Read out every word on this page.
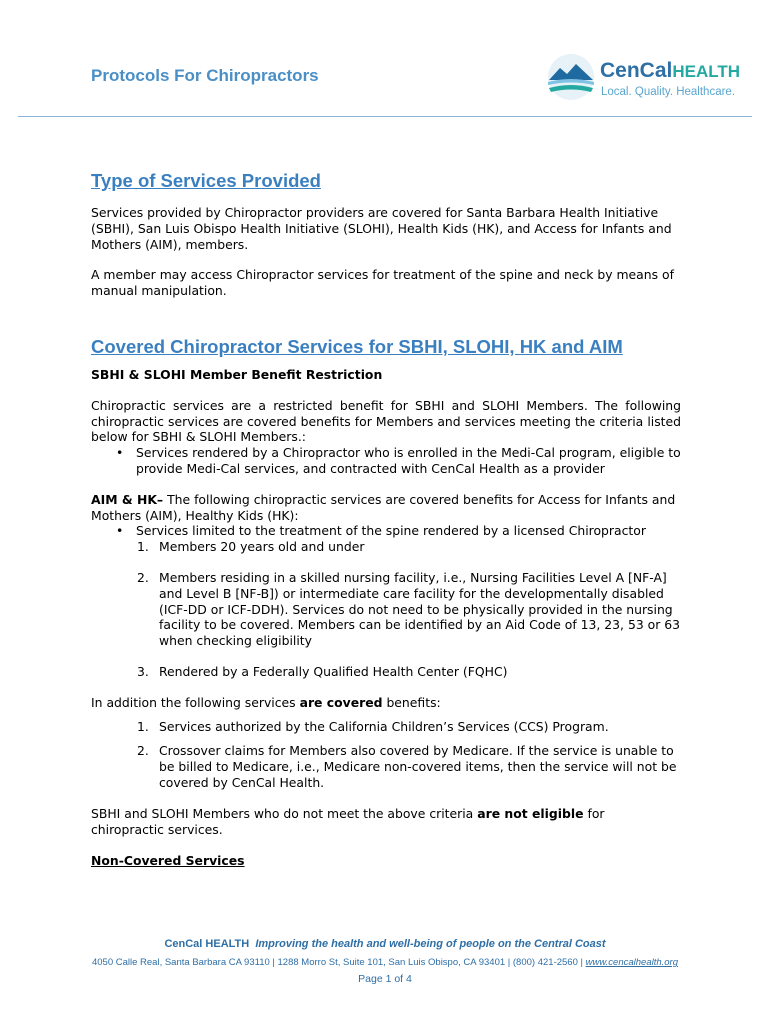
Protocols For Chiropractors	CenCalHEALTH
Local. Quality. Healthcare.
Type of Services Provided

Services provided by Chiropractor providers are covered for Santa Barbara Health Initiative (SBHI), San Luis Obispo Health Initiative (SLOHI), Health Kids (HK), and Access for Infants and Mothers (AIM), members.

A member may access Chiropractor services for treatment of the spine and neck by means of manual manipulation.

Covered Chiropractor Services for SBHI, SLOHI, HK and AIM

SBHI & SLOHI Member Benefit Restriction

Chiropractic services are a restricted benefit for SBHI and SLOHI Members. The following chiropractic services are covered benefits for Members and services meeting the criteria listed below for SBHI & SLOHI Members.:

• Services rendered by a Chiropractor who is enrolled in the Medi-Cal program, eligible to provide Medi-Cal services, and contracted with CenCal Health as a provider

AIM & HK– The following chiropractic services are covered benefits for Access for Infants and Mothers (AIM), Healthy Kids (HK):

• Services limited to the treatment of the spine rendered by a licensed Chiropractor
1. Members 20 years old and under
2. Members residing in a skilled nursing facility, i.e., Nursing Facilities Level A [NF-A] and Level B [NF-B]) or intermediate care facility for the developmentally disabled (ICF-DD or ICF-DDH). Services do not need to be physically provided in the nursing facility to be covered. Members can be identified by an Aid Code of 13, 23, 53 or 63 when checking eligibility
3. Rendered by a Federally Qualified Health Center (FQHC)

In addition the following services are covered benefits:

1. Services authorized by the California Children’s Services (CCS) Program.
2. Crossover claims for Members also covered by Medicare. If the service is unable to be billed to Medicare, i.e., Medicare non-covered items, then the service will not be covered by CenCal Health.

SBHI and SLOHI Members who do not meet the above criteria are not eligible for chiropractic services.

Non-Covered Services

CenCal HEALTH Improving the health and well-being of people on the Central Coast
4050 Calle Real, Santa Barbara CA 93110 | 1288 Morro St, Suite 101, San Luis Obispo, CA 93401 | (800) 421-2560 | www.cencalhealth.org
Page 1 of 4
